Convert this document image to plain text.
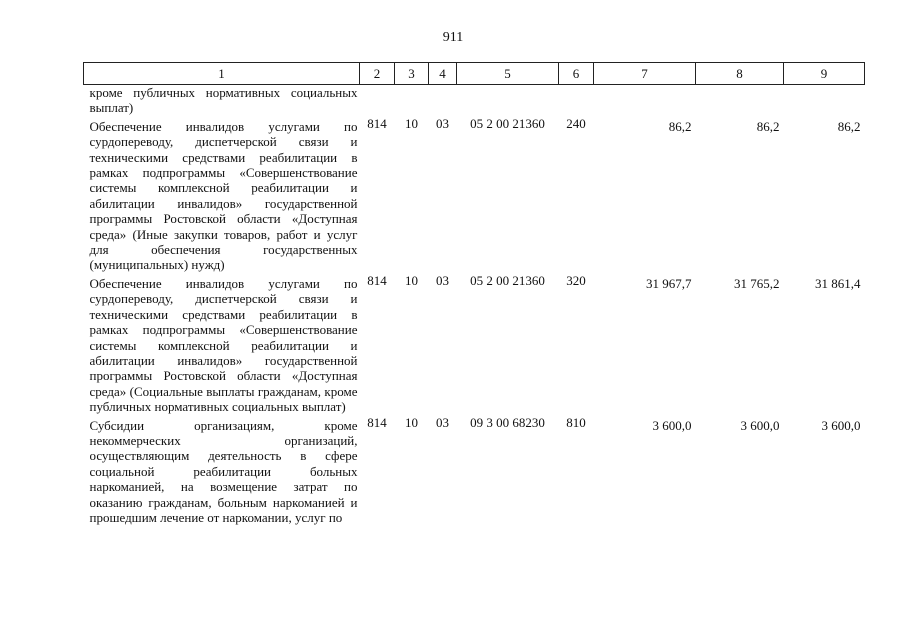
911
1	2	3	4	5	6	7	8	9
кроме публичных нормативных социальных выплат)								
Обеспечение инвалидов услугами по сурдопереводу, диспетчерской связи и техническими средствами реабилитации в рамках подпрограммы «Совершенствование системы комплексной реабилитации и абилитации инвалидов» государственной программы Ростовской области «Доступная среда» (Иные закупки товаров, работ и услуг для обеспечения государственных (муниципальных) нужд)	814	10	03	05 2 00 21360	240	86,2	86,2	86,2
Обеспечение инвалидов услугами по сурдопереводу, диспетчерской связи и техническими средствами реабилитации в рамках подпрограммы «Совершенствование системы комплексной реабилитации и абилитации инвалидов» государственной программы Ростовской области «Доступная среда» (Социальные выплаты гражданам, кроме публичных нормативных социальных выплат)	814	10	03	05 2 00 21360	320	31 967,7	31 765,2	31 861,4
Субсидии организациям, кроме некоммерческих организаций, осуществляющим деятельность в сфере социальной реабилитации больных наркоманией, на возмещение затрат по оказанию гражданам, больным наркоманией и прошедшим лечение от наркомании, услуг по	814	10	03	09 3 00 68230	810	3 600,0	3 600,0	3 600,0
